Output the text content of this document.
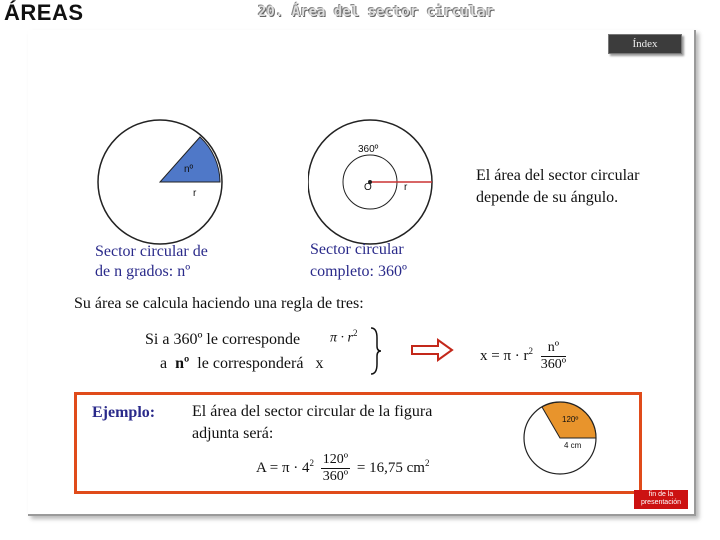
ÁREAS	20. Área del sector circular
Índex
nº
r
360º
O	r
El área del sector circular
depende de su ángulo.
Sector circular de
de n grados: nº
Sector circular
completo: 360º
Su área se calcula haciendo una regla de tres:
Si a 360º le corresponde
a nº le corresponderá x
$\pi \cdot r^2$
$x = \pi \cdot r^2 \frac{\text{nº}}{\text{360º}}$
Ejemplo: El área del sector circular de la figura
adjunta será:
$A = \pi \cdot 4^2 \frac{\text{120º}}{\text{360º}} = 16,75$ $cm^2$
120º
4 cm
fin de la
presentación
